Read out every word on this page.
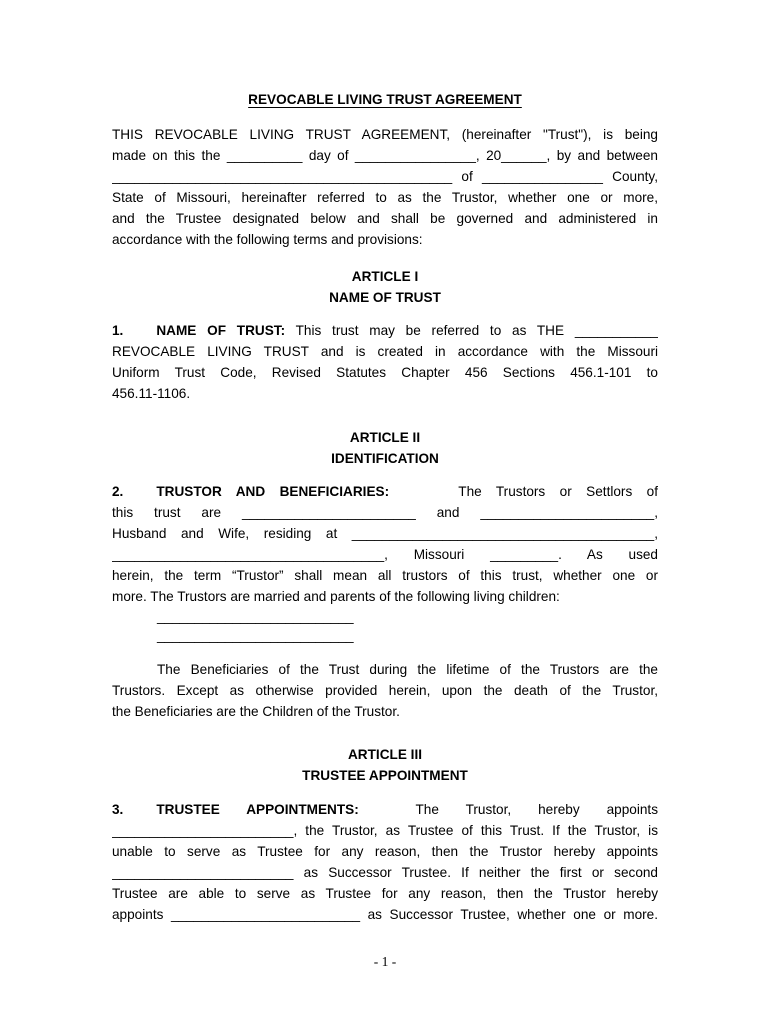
REVOCABLE LIVING TRUST AGREEMENT
THIS REVOCABLE LIVING TRUST AGREEMENT, (hereinafter "Trust"), is being
made on this the __________ day of ________________, 20______, by and between
_____________________________________________ of ________________ County,
State of Missouri, hereinafter referred to as the Trustor, whether one or more,
and the Trustee designated below and shall be governed and administered in
accordance with the following terms and provisions:
ARTICLE I
NAME OF TRUST
1. NAME OF TRUST: This trust may be referred to as THE ___________
REVOCABLE LIVING TRUST and is created in accordance with the Missouri
Uniform Trust Code, Revised Statutes Chapter 456 Sections 456.1-101 to
456.11-1106.
ARTICLE II
IDENTIFICATION
2. TRUSTOR AND BENEFICIARIES:	The Trustors or Settlors of
this trust are _______________________ and _______________________,
Husband and Wife, residing at ________________________________________,
____________________________________, Missouri _________. As used
herein, the term “Trustor” shall mean all trustors of this trust, whether one or
more. The Trustors are married and parents of the following living children:
__________________________
__________________________
The Beneficiaries of the Trust during the lifetime of the Trustors are the
Trustors. Except as otherwise provided herein, upon the death of the Trustor,
the Beneficiaries are the Children of the Trustor.
ARTICLE III
TRUSTEE APPOINTMENT
3. TRUSTEE APPOINTMENTS: The Trustor, hereby appoints
________________________, the Trustor, as Trustee of this Trust. If the Trustor, is
unable to serve as Trustee for any reason, then the Trustor hereby appoints
________________________ as Successor Trustee. If neither the first or second
Trustee are able to serve as Trustee for any reason, then the Trustor hereby
appoints _________________________ as Successor Trustee, whether one or more.
- 1 -
